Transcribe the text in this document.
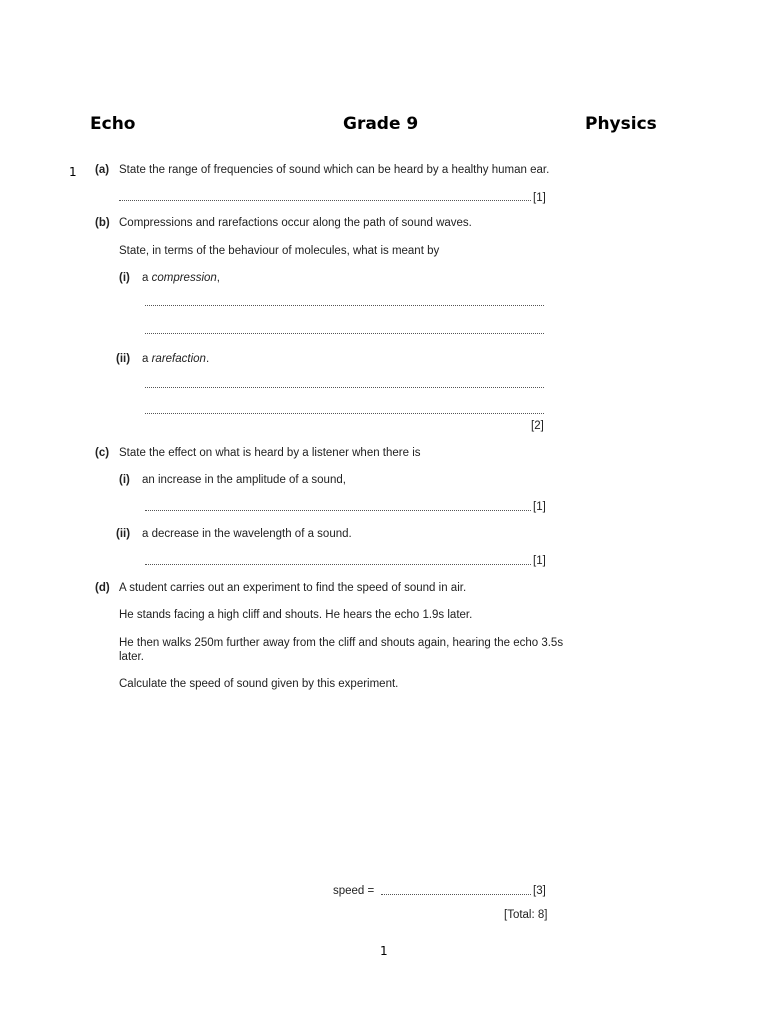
Echo	Grade 9	Physics
1 (a) State the range of frequencies of sound which can be heard by a healthy human ear.
[1]
(b) Compressions and rarefactions occur along the path of sound waves.
State, in terms of the behaviour of molecules, what is meant by
(i) a compression,
(ii) a rarefaction.
[2]
(c) State the effect on what is heard by a listener when there is
(i) an increase in the amplitude of a sound,
[1]
(ii) a decrease in the wavelength of a sound.
[1]
(d) A student carries out an experiment to find the speed of sound in air.
He stands facing a high cliff and shouts. He hears the echo 1.9s later.
He then walks 250m further away from the cliff and shouts again, hearing the echo 3.5s
later.
Calculate the speed of sound given by this experiment.
speed =	[3]
[Total: 8]
1
